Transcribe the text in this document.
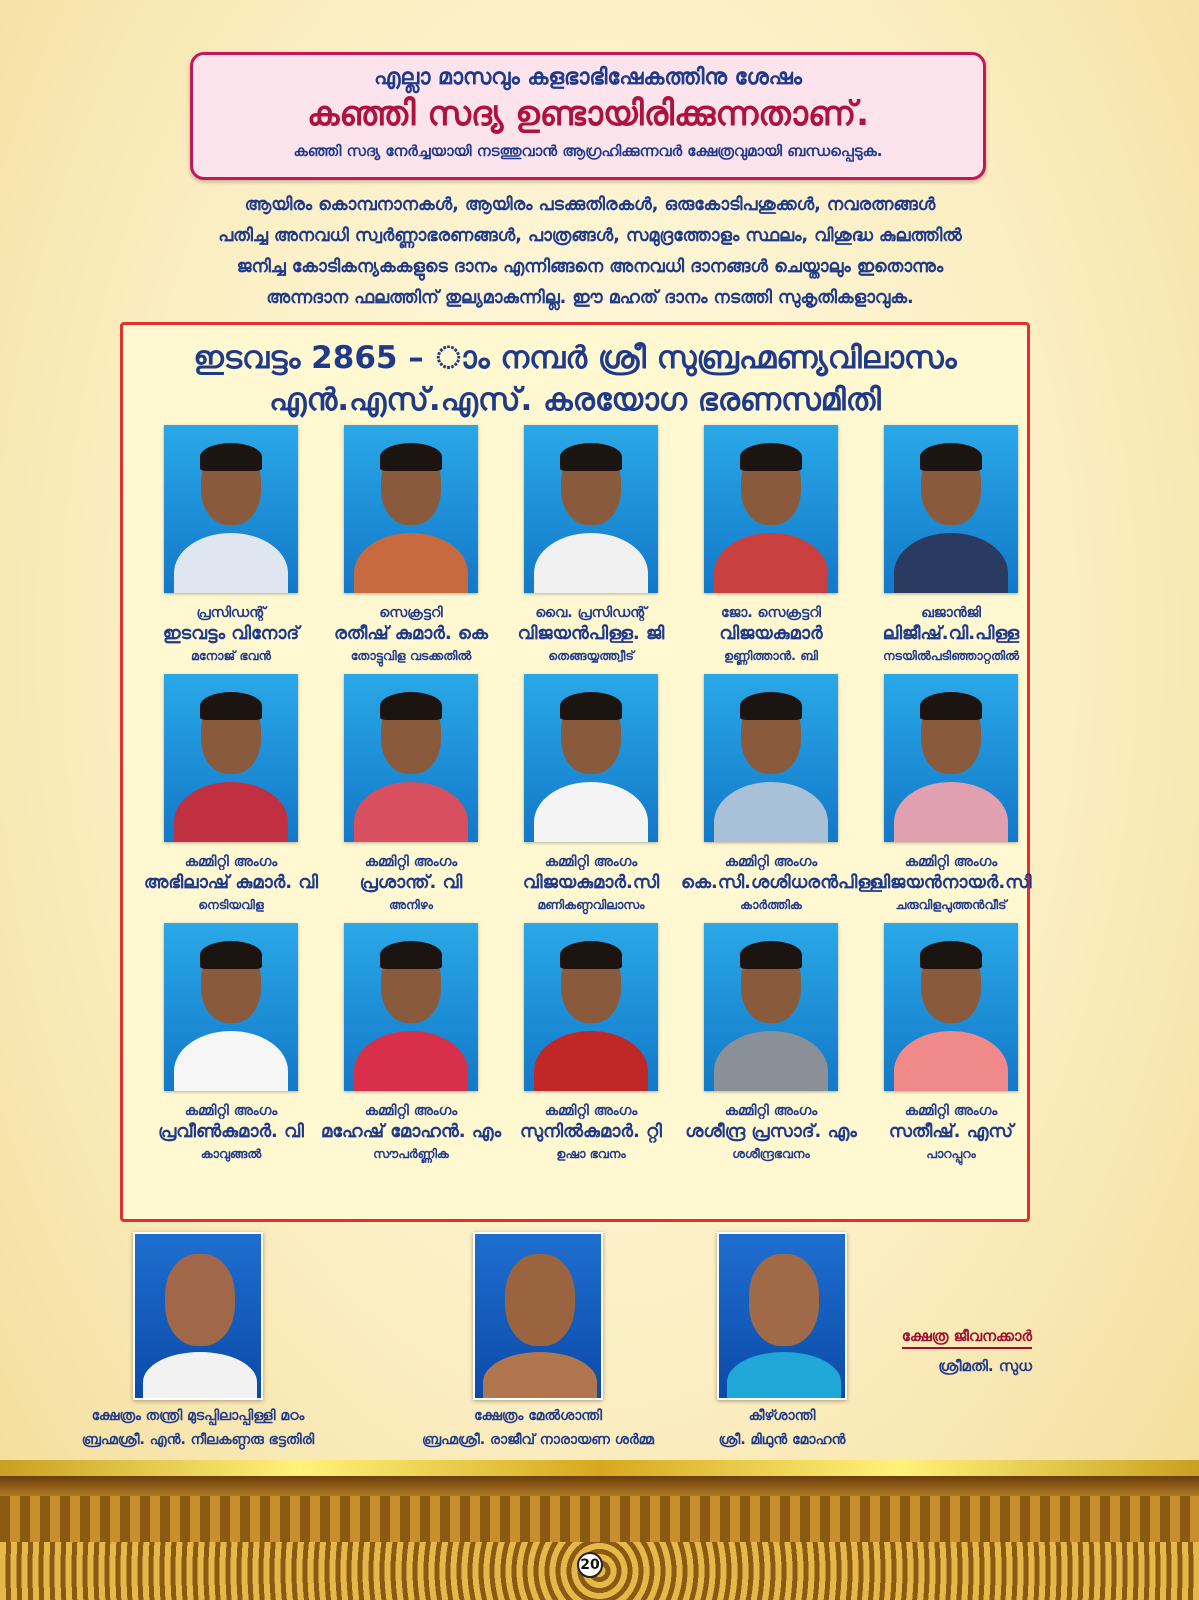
എല്ലാ മാസവും കളഭാഭിഷേകത്തിനു ശേഷം
കഞ്ഞി സദ്യ ഉണ്ടായിരിക്കുന്നതാണ്.
കഞ്ഞി സദ്യ നേർച്ചയായി നടത്തുവാൻ ആഗ്രഹിക്കുന്നവർ ക്ഷേത്രവുമായി ബന്ധപ്പെടുക.
ആയിരം കൊമ്പനാനകൾ, ആയിരം പടക്കുതിരകൾ, ഒരുകോടിപശുക്കൾ, നവരത്നങ്ങൾ
പതിച്ച അനവധി സ്വർണ്ണാഭരണങ്ങൾ, പാത്രങ്ങൾ, സമുദ്രത്തോളം സ്ഥലം, വിശുദ്ധ കുലത്തിൽ
ജനിച്ച കോടികന്യകകളുടെ ദാനം എന്നിങ്ങനെ അനവധി ദാനങ്ങൾ ചെയ്താലും ഇതൊന്നും
അന്നദാന ഫലത്തിന് തുല്യമാകുന്നില്ല. ഈ മഹത് ദാനം നടത്തി സുകൃതികളാവുക.
ഇടവട്ടം 2865 – ാം നമ്പർ ശ്രീ സുബ്രഹ്മണ്യവിലാസം
എൻ.എസ്.എസ്. കരയോഗ ഭരണസമിതി
പ്രസിഡന്റ്
ഇടവട്ടം വിനോദ്
മനോജ് ഭവൻ
സെക്രട്ടറി
രതീഷ് കുമാർ. കെ
തോട്ടുവിള വടക്കതിൽ
വൈ. പ്രസിഡന്റ്
വിജയൻപിള്ള. ജി
തെങ്ങയ്യത്ത്വീട്
ജോ. സെക്രട്ടറി
വിജയകുമാർ
ഉണ്ണിത്താൻ. ബി
ഖജാൻജി
ലിജീഷ്.വി.പിള്ള
നടയിൽപടിഞ്ഞാറ്റതിൽ
കമ്മിറ്റി അംഗം
അഭിലാഷ് കുമാർ. വി
നെടിയവിള
കമ്മിറ്റി അംഗം
പ്രശാന്ത്. വി
അനിഴം
കമ്മിറ്റി അംഗം
വിജയകുമാർ.സി
മണികണ്ഠവിലാസം
കമ്മിറ്റി അംഗം
കെ.സി.ശശിധരൻപിള്ള
കാർത്തിക
കമ്മിറ്റി അംഗം
വിജയൻനായർ.സി
ചരുവിളപുത്തൻവീട്
കമ്മിറ്റി അംഗം
പ്രവീൺകുമാർ. വി
കാവുങ്ങൽ
കമ്മിറ്റി അംഗം
മഹേഷ് മോഹൻ. എം
സൗപർണ്ണിക
കമ്മിറ്റി അംഗം
സുനിൽകുമാർ. റ്റി
ഉഷാ ഭവനം
കമ്മിറ്റി അംഗം
ശശീന്ദ്ര പ്രസാദ്. എം
ശശീന്ദ്രഭവനം
കമ്മിറ്റി അംഗം
സതീഷ്. എസ്
പാറപ്പുറം
ക്ഷേത്രം തന്ത്രി മുടപ്പിലാപ്പിള്ളി മഠം
ബ്രഹ്മശ്രീ. എൻ. നീലകണ്ഠരു ഭട്ടതിരി
ക്ഷേത്രം മേൽശാന്തി
ബ്രഹ്മശ്രീ. രാജീവ് നാരായണ ശർമ്മ
കീഴ്ശാന്തി
ശ്രീ. മിഥുൻ മോഹൻ
ക്ഷേത്ര ജീവനക്കാർ
ശ്രീമതി. സുധ
20
